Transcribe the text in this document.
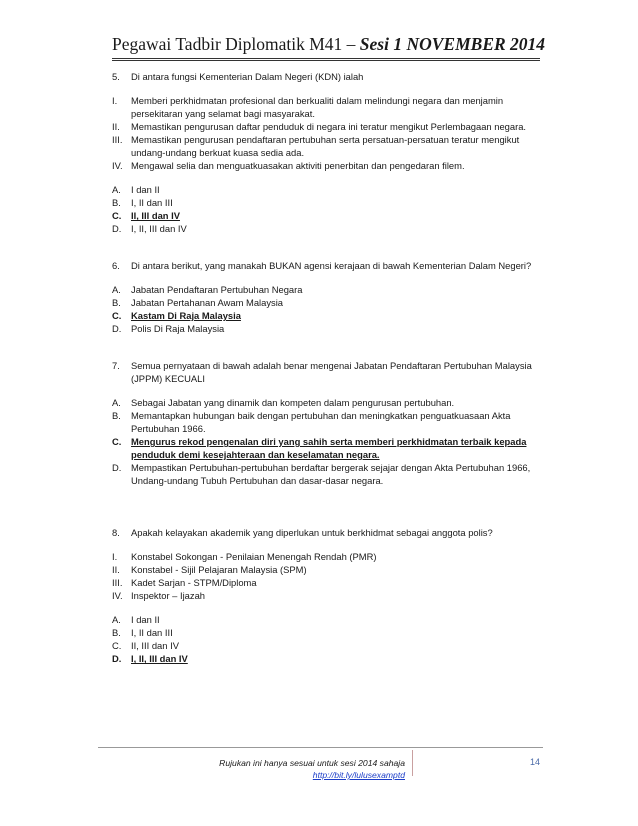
Pegawai Tadbir Diplomatik M41 – Sesi 1 NOVEMBER 2014
5.	Di antara fungsi Kementerian Dalam Negeri (KDN) ialah
I.	Memberi perkhidmatan profesional dan berkualiti dalam melindungi negara dan menjamin persekitaran yang selamat bagi masyarakat.
II.	Memastikan pengurusan daftar penduduk di negara ini teratur mengikut Perlembagaan negara.
III. Memastikan pengurusan pendaftaran pertubuhan serta persatuan-persatuan teratur mengikut undang-undang berkuat kuasa sedia ada.
IV. Mengawal selia dan menguatkuasakan aktiviti penerbitan dan pengedaran filem.
A.	I dan II
B.	I, II dan III
C.	II, III dan IV
D.	I, II, III dan IV
6.	Di antara berikut, yang manakah BUKAN agensi kerajaan di bawah Kementerian Dalam Negeri?
A.	Jabatan Pendaftaran Pertubuhan Negara
B.	Jabatan Pertahanan Awam Malaysia
C.	Kastam Di Raja Malaysia
D.	Polis Di Raja Malaysia
7.	Semua pernyataan di bawah adalah benar mengenai Jabatan Pendaftaran Pertubuhan Malaysia (JPPM) KECUALI
A.	Sebagai Jabatan yang dinamik dan kompeten dalam pengurusan pertubuhan.
B.	Memantapkan hubungan baik dengan pertubuhan dan meningkatkan penguatkuasaan Akta Pertubuhan 1966.
C.	Mengurus rekod pengenalan diri yang sahih serta memberi perkhidmatan terbaik kepada penduduk demi kesejahteraan dan keselamatan negara.
D.	Mempastikan Pertubuhan-pertubuhan berdaftar bergerak sejajar dengan Akta Pertubuhan 1966, Undang-undang Tubuh Pertubuhan dan dasar-dasar negara.
8.	Apakah kelayakan akademik yang diperlukan untuk berkhidmat sebagai anggota polis?
I.	Konstabel Sokongan - Penilaian Menengah Rendah (PMR)
II.	Konstabel - Sijil Pelajaran Malaysia (SPM)
III. Kadet Sarjan - STPM/Diploma
IV. Inspektor – Ijazah
A.	I dan II
B.	I, II dan III
C.	II, III dan IV
D.	I, II, III dan IV
Rujukan ini hanya sesuai untuk sesi 2014 sahaja
http://bit.ly/lulusexamptd
14
